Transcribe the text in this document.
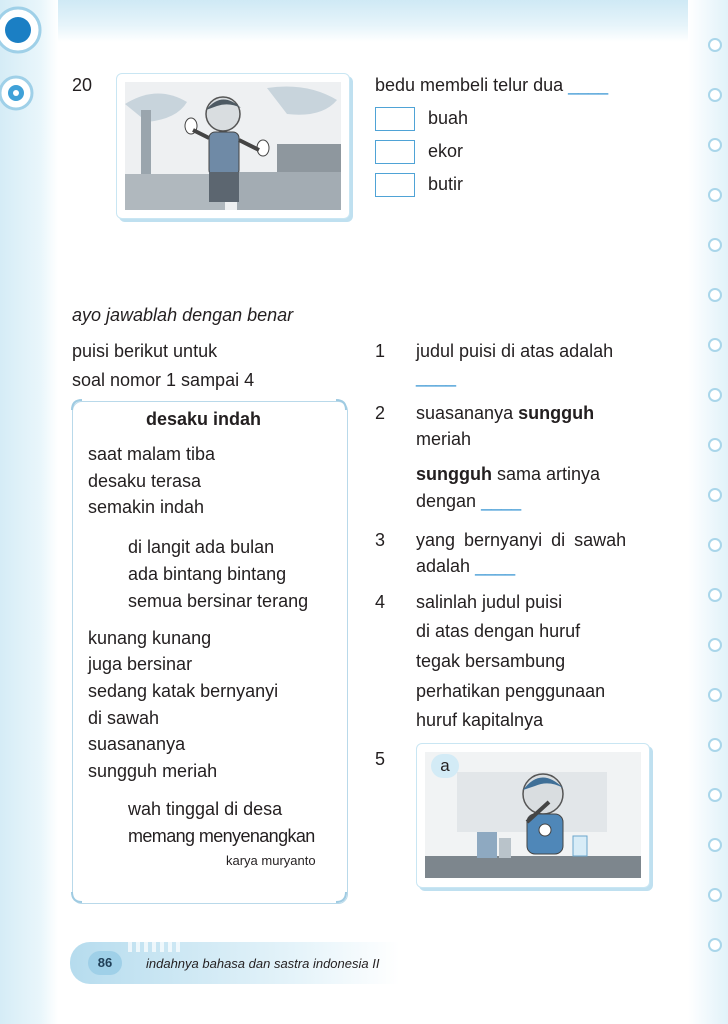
20	bedu membeli telur dua ____
buah
ekor
butir
ayo jawablah dengan benar
puisi berikut untuk
soal nomor 1 sampai 4
desaku indah
saat malam tiba
desaku terasa
semakin indah
di langit ada bulan
ada bintang bintang
semua bersinar terang
kunang kunang
juga bersinar
sedang katak bernyanyi
di sawah
suasananya
sungguh meriah
wah tinggal di desa
memang menyenangkan
karya muryanto
1 judul puisi di atas adalah
____
2 suasananya sungguh
meriah
sungguh sama artinya
dengan ____
3 yang bernyanyi di sawah
adalah ____
4 salinlah judul puisi
di atas dengan huruf
tegak bersambung
perhatikan penggunaan
huruf kapitalnya
5	a
86	indahnya bahasa dan sastra indonesia II
